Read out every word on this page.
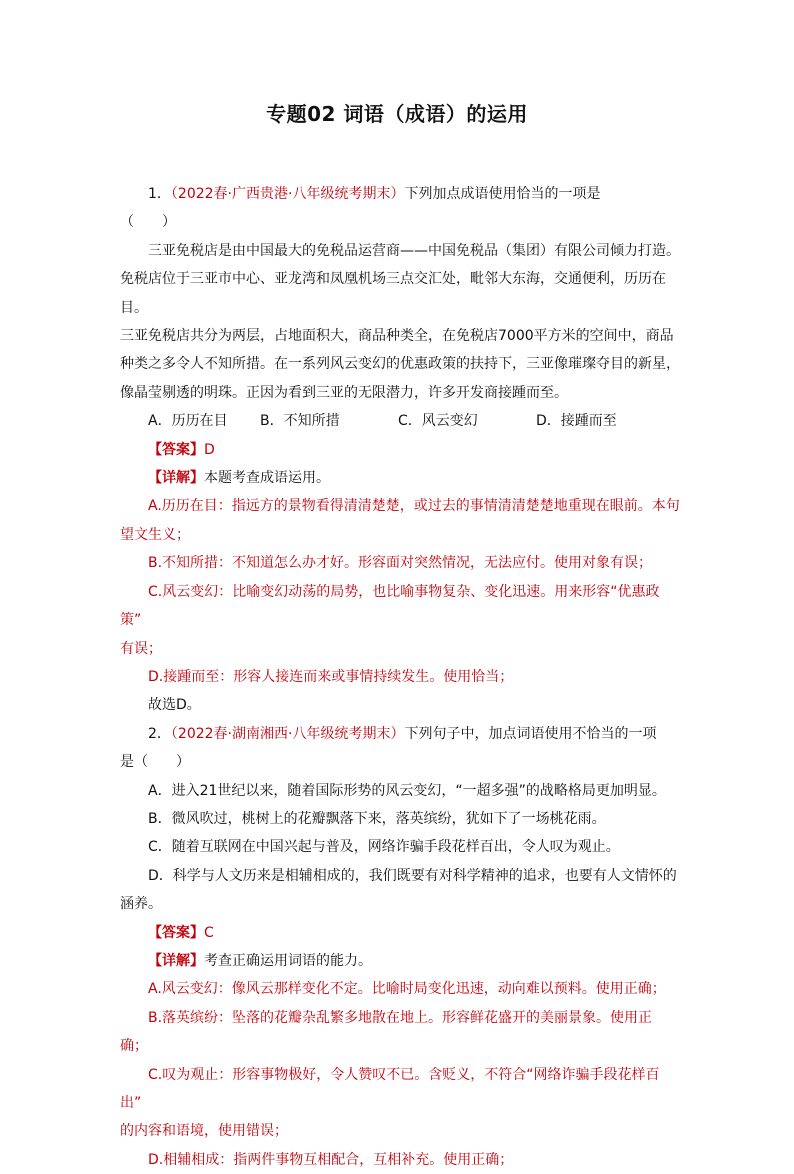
专题02 词语（成语）的运用

1．（2022春·广西贵港·八年级统考期末）下列加点成语使用恰当的一项是

（　　）

三亚免税店是由中国最大的免税品运营商——中国免税品（集团）有限公司倾力打造。

免税店位于三亚市中心、亚龙湾和凤凰机场三点交汇处，毗邻大东海，交通便利，历历在目。

三亚免税店共分为两层，占地面积大，商品种类全，在免税店7000平方米的空间中，商品

种类之多令人不知所措。在一系列风云变幻的优惠政策的扶持下，三亚像璀璨夺目的新星，

像晶莹剔透的明珠。正因为看到三亚的无限潜力，许多开发商接踵而至。

A．历历在目	B．不知所措	C．风云变幻	D．接踵而至

【答案】D

【详解】本题考查成语运用。

A.历历在目：指远方的景物看得清清楚楚，或过去的事情清清楚楚地重现在眼前。本句

望文生义；

B.不知所措：不知道怎么办才好。形容面对突然情况，无法应付。使用对象有误；

C.风云变幻：比喻变幻动荡的局势，也比喻事物复杂、变化迅速。用来形容“优惠政策”

有误；

D.接踵而至：形容人接连而来或事情持续发生。使用恰当；

故选D。

2．（2022春·湖南湘西·八年级统考期末）下列句子中，加点词语使用不恰当的一项

是（　　）

A．进入21世纪以来，随着国际形势的风云变幻，“一超多强”的战略格局更加明显。

B．微风吹过，桃树上的花瓣飘落下来，落英缤纷，犹如下了一场桃花雨。

C．随着互联网在中国兴起与普及，网络诈骗手段花样百出，令人叹为观止。

D．科学与人文历来是相辅相成的，我们既要有对科学精神的追求，也要有人文情怀的

涵养。

【答案】C

【详解】考查正确运用词语的能力。

A.风云变幻：像风云那样变化不定。比喻时局变化迅速，动向难以预料。使用正确；

B.落英缤纷：坠落的花瓣杂乱繁多地散在地上。形容鲜花盛开的美丽景象。使用正确；

C.叹为观止：形容事物极好，令人赞叹不已。含贬义，不符合“网络诈骗手段花样百出”

的内容和语境，使用错误；

D.相辅相成：指两件事物互相配合，互相补充。使用正确；
